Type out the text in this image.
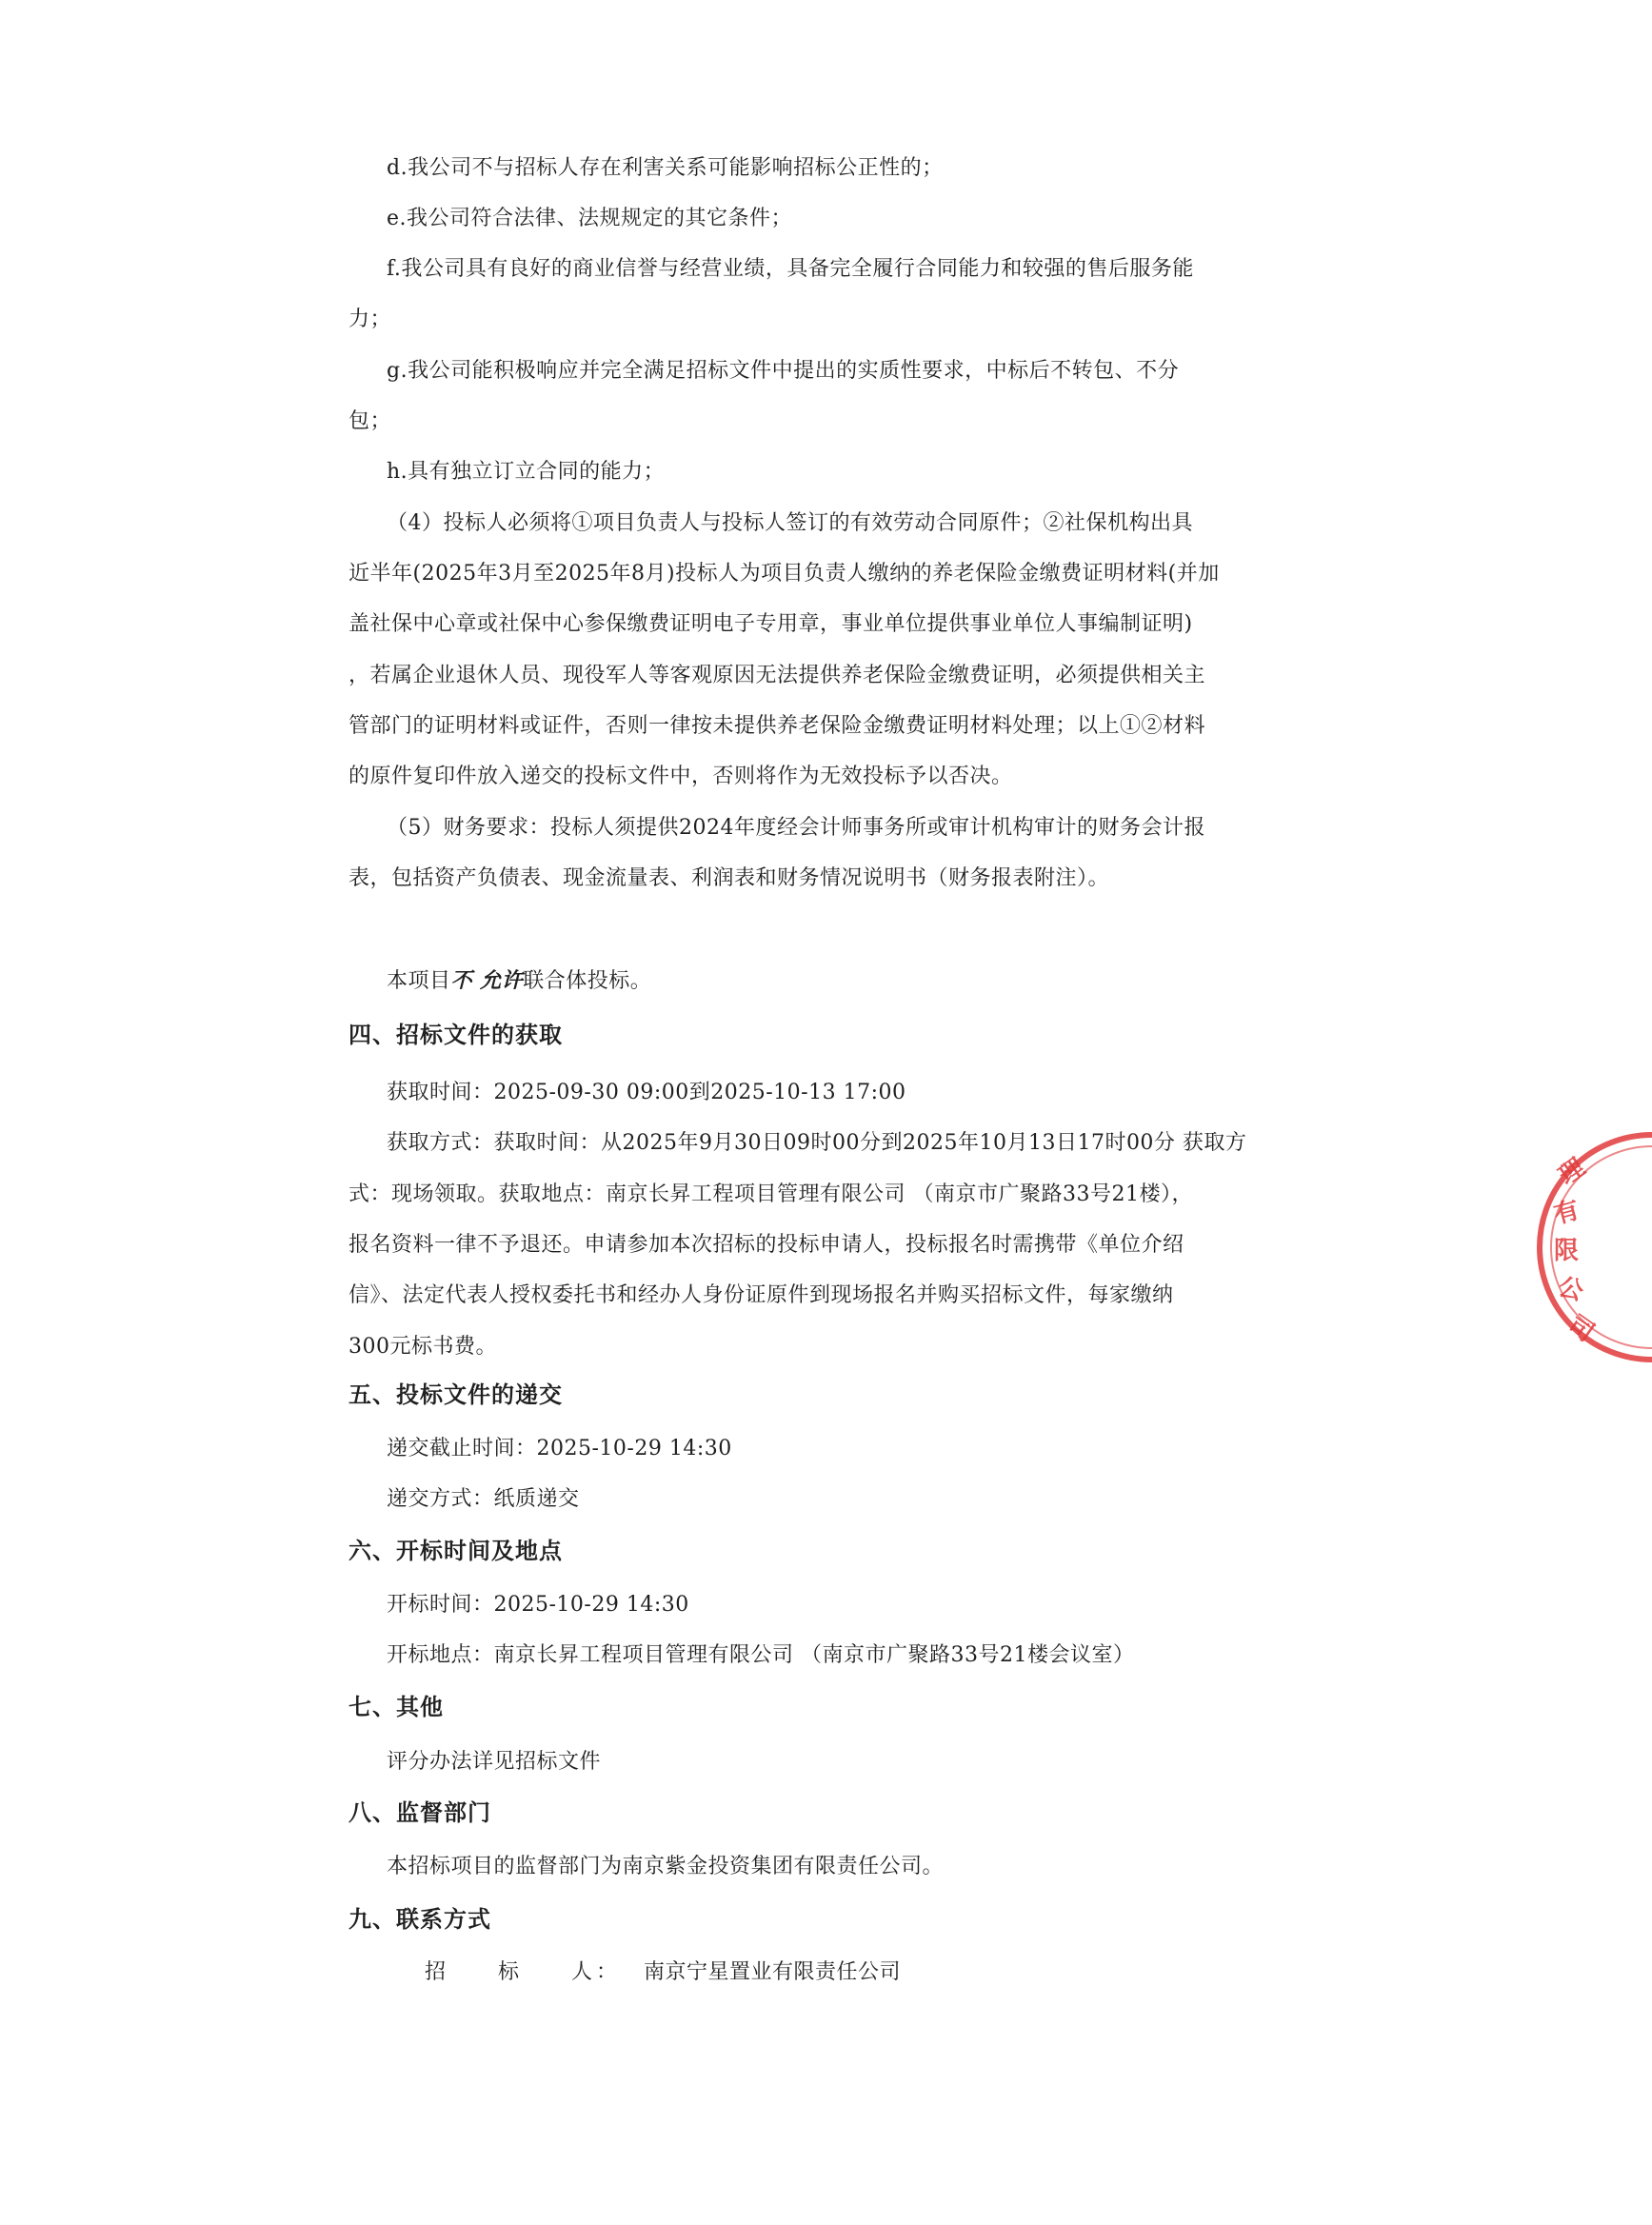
d.我公司不与招标人存在利害关系可能影响招标公正性的；
e.我公司符合法律、法规规定的其它条件；
f.我公司具有良好的商业信誉与经营业绩，具备完全履行合同能力和较强的售后服务能
力；
g.我公司能积极响应并完全满足招标文件中提出的实质性要求，中标后不转包、不分
包；
h.具有独立订立合同的能力；
（4）投标人必须将①项目负责人与投标人签订的有效劳动合同原件；②社保机构出具
近半年(2025年3月至2025年8月)投标人为项目负责人缴纳的养老保险金缴费证明材料(并加
盖社保中心章或社保中心参保缴费证明电子专用章，事业单位提供事业单位人事编制证明)
，若属企业退休人员、现役军人等客观原因无法提供养老保险金缴费证明，必须提供相关主
管部门的证明材料或证件，否则一律按未提供养老保险金缴费证明材料处理；以上①②材料
的原件复印件放入递交的投标文件中，否则将作为无效投标予以否决。
（5）财务要求：投标人须提供2024年度经会计师事务所或审计机构审计的财务会计报
表，包括资产负债表、现金流量表、利润表和财务情况说明书（财务报表附注）。
本项目不 允许联合体投标。
四、招标文件的获取
获取时间：2025-09-30 09:00到2025-10-13 17:00
获取方式：获取时间：从2025年9月30日09时00分到2025年10月13日17时00分 获取方
式：现场领取。获取地点：南京长昇工程项目管理有限公司 （南京市广聚路33号21楼），
报名资料一律不予退还。申请参加本次招标的投标申请人，投标报名时需携带《单位介绍
信》、法定代表人授权委托书和经办人身份证原件到现场报名并购买招标文件，每家缴纳
300元标书费。
五、投标文件的递交
递交截止时间：2025-10-29 14:30
递交方式：纸质递交
六、开标时间及地点
开标时间：2025-10-29 14:30
开标地点：南京长昇工程项目管理有限公司 （南京市广聚路33号21楼会议室）
七、其他
评分办法详见招标文件
八、监督部门
本招标项目的监督部门为南京紫金投资集团有限责任公司。
九、联系方式
招 标 人： 南京宁星置业有限责任公司
理
有
限
公
司
